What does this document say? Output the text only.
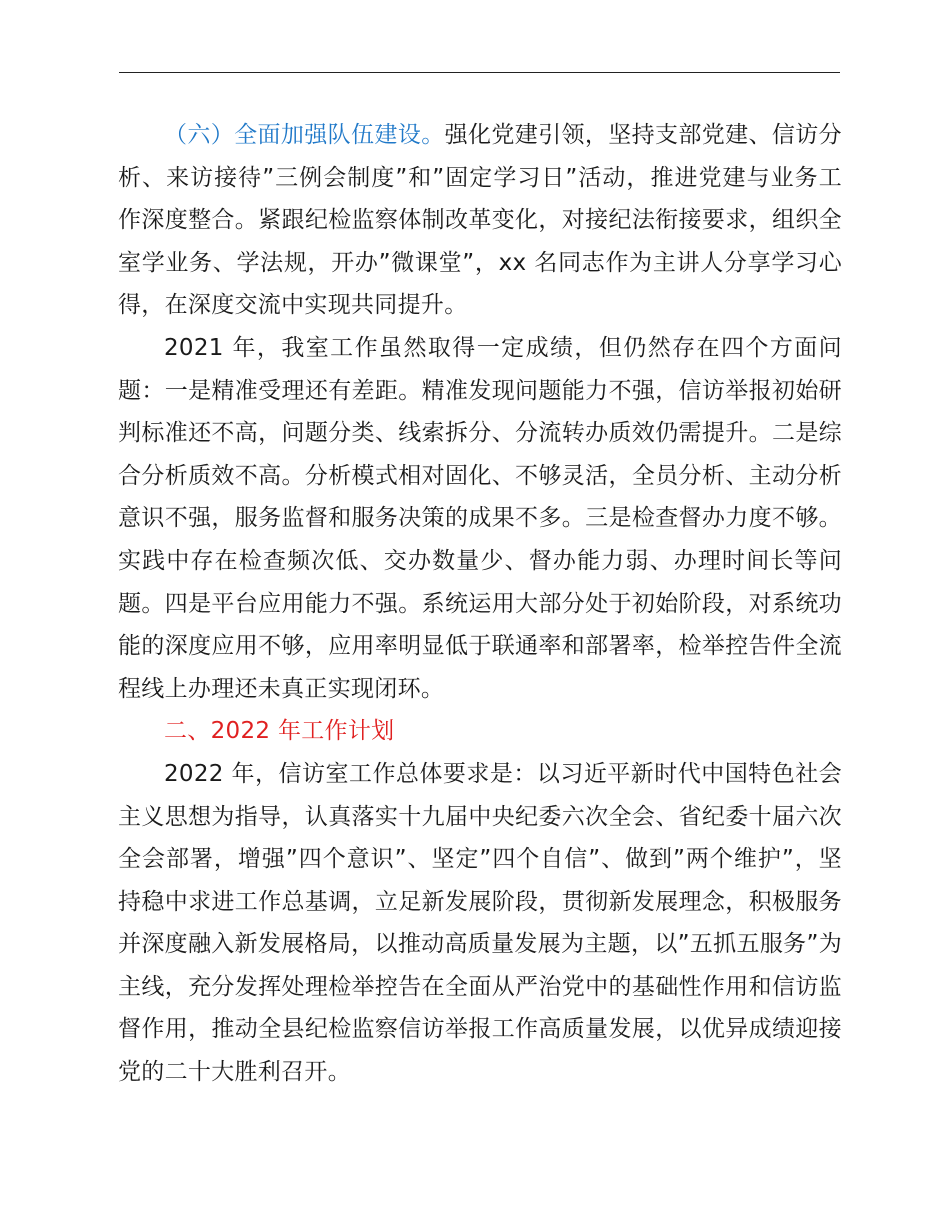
（六）全面加强队伍建设。强化党建引领，坚持支部党建、信访分析、来访接待”三例会制度”和”固定学习日”活动，推进党建与业务工作深度整合。紧跟纪检监察体制改革变化，对接纪法衔接要求，组织全室学业务、学法规，开办”微课堂”，xx 名同志作为主讲人分享学习心得，在深度交流中实现共同提升。

2021 年，我室工作虽然取得一定成绩，但仍然存在四个方面问题：一是精准受理还有差距。精准发现问题能力不强，信访举报初始研判标准还不高，问题分类、线索拆分、分流转办质效仍需提升。二是综合分析质效不高。分析模式相对固化、不够灵活，全员分析、主动分析意识不强，服务监督和服务决策的成果不多。三是检查督办力度不够。实践中存在检查频次低、交办数量少、督办能力弱、办理时间长等问题。四是平台应用能力不强。系统运用大部分处于初始阶段，对系统功能的深度应用不够，应用率明显低于联通率和部署率，检举控告件全流程线上办理还未真正实现闭环。

二、2022 年工作计划

2022 年，信访室工作总体要求是：以习近平新时代中国特色社会主义思想为指导，认真落实十九届中央纪委六次全会、省纪委十届六次全会部署，增强”四个意识”、坚定”四个自信”、做到”两个维护”，坚持稳中求进工作总基调，立足新发展阶段，贯彻新发展理念，积极服务并深度融入新发展格局，以推动高质量发展为主题，以”五抓五服务”为主线，充分发挥处理检举控告在全面从严治党中的基础性作用和信访监督作用，推动全县纪检监察信访举报工作高质量发展，以优异成绩迎接党的二十大胜利召开。
